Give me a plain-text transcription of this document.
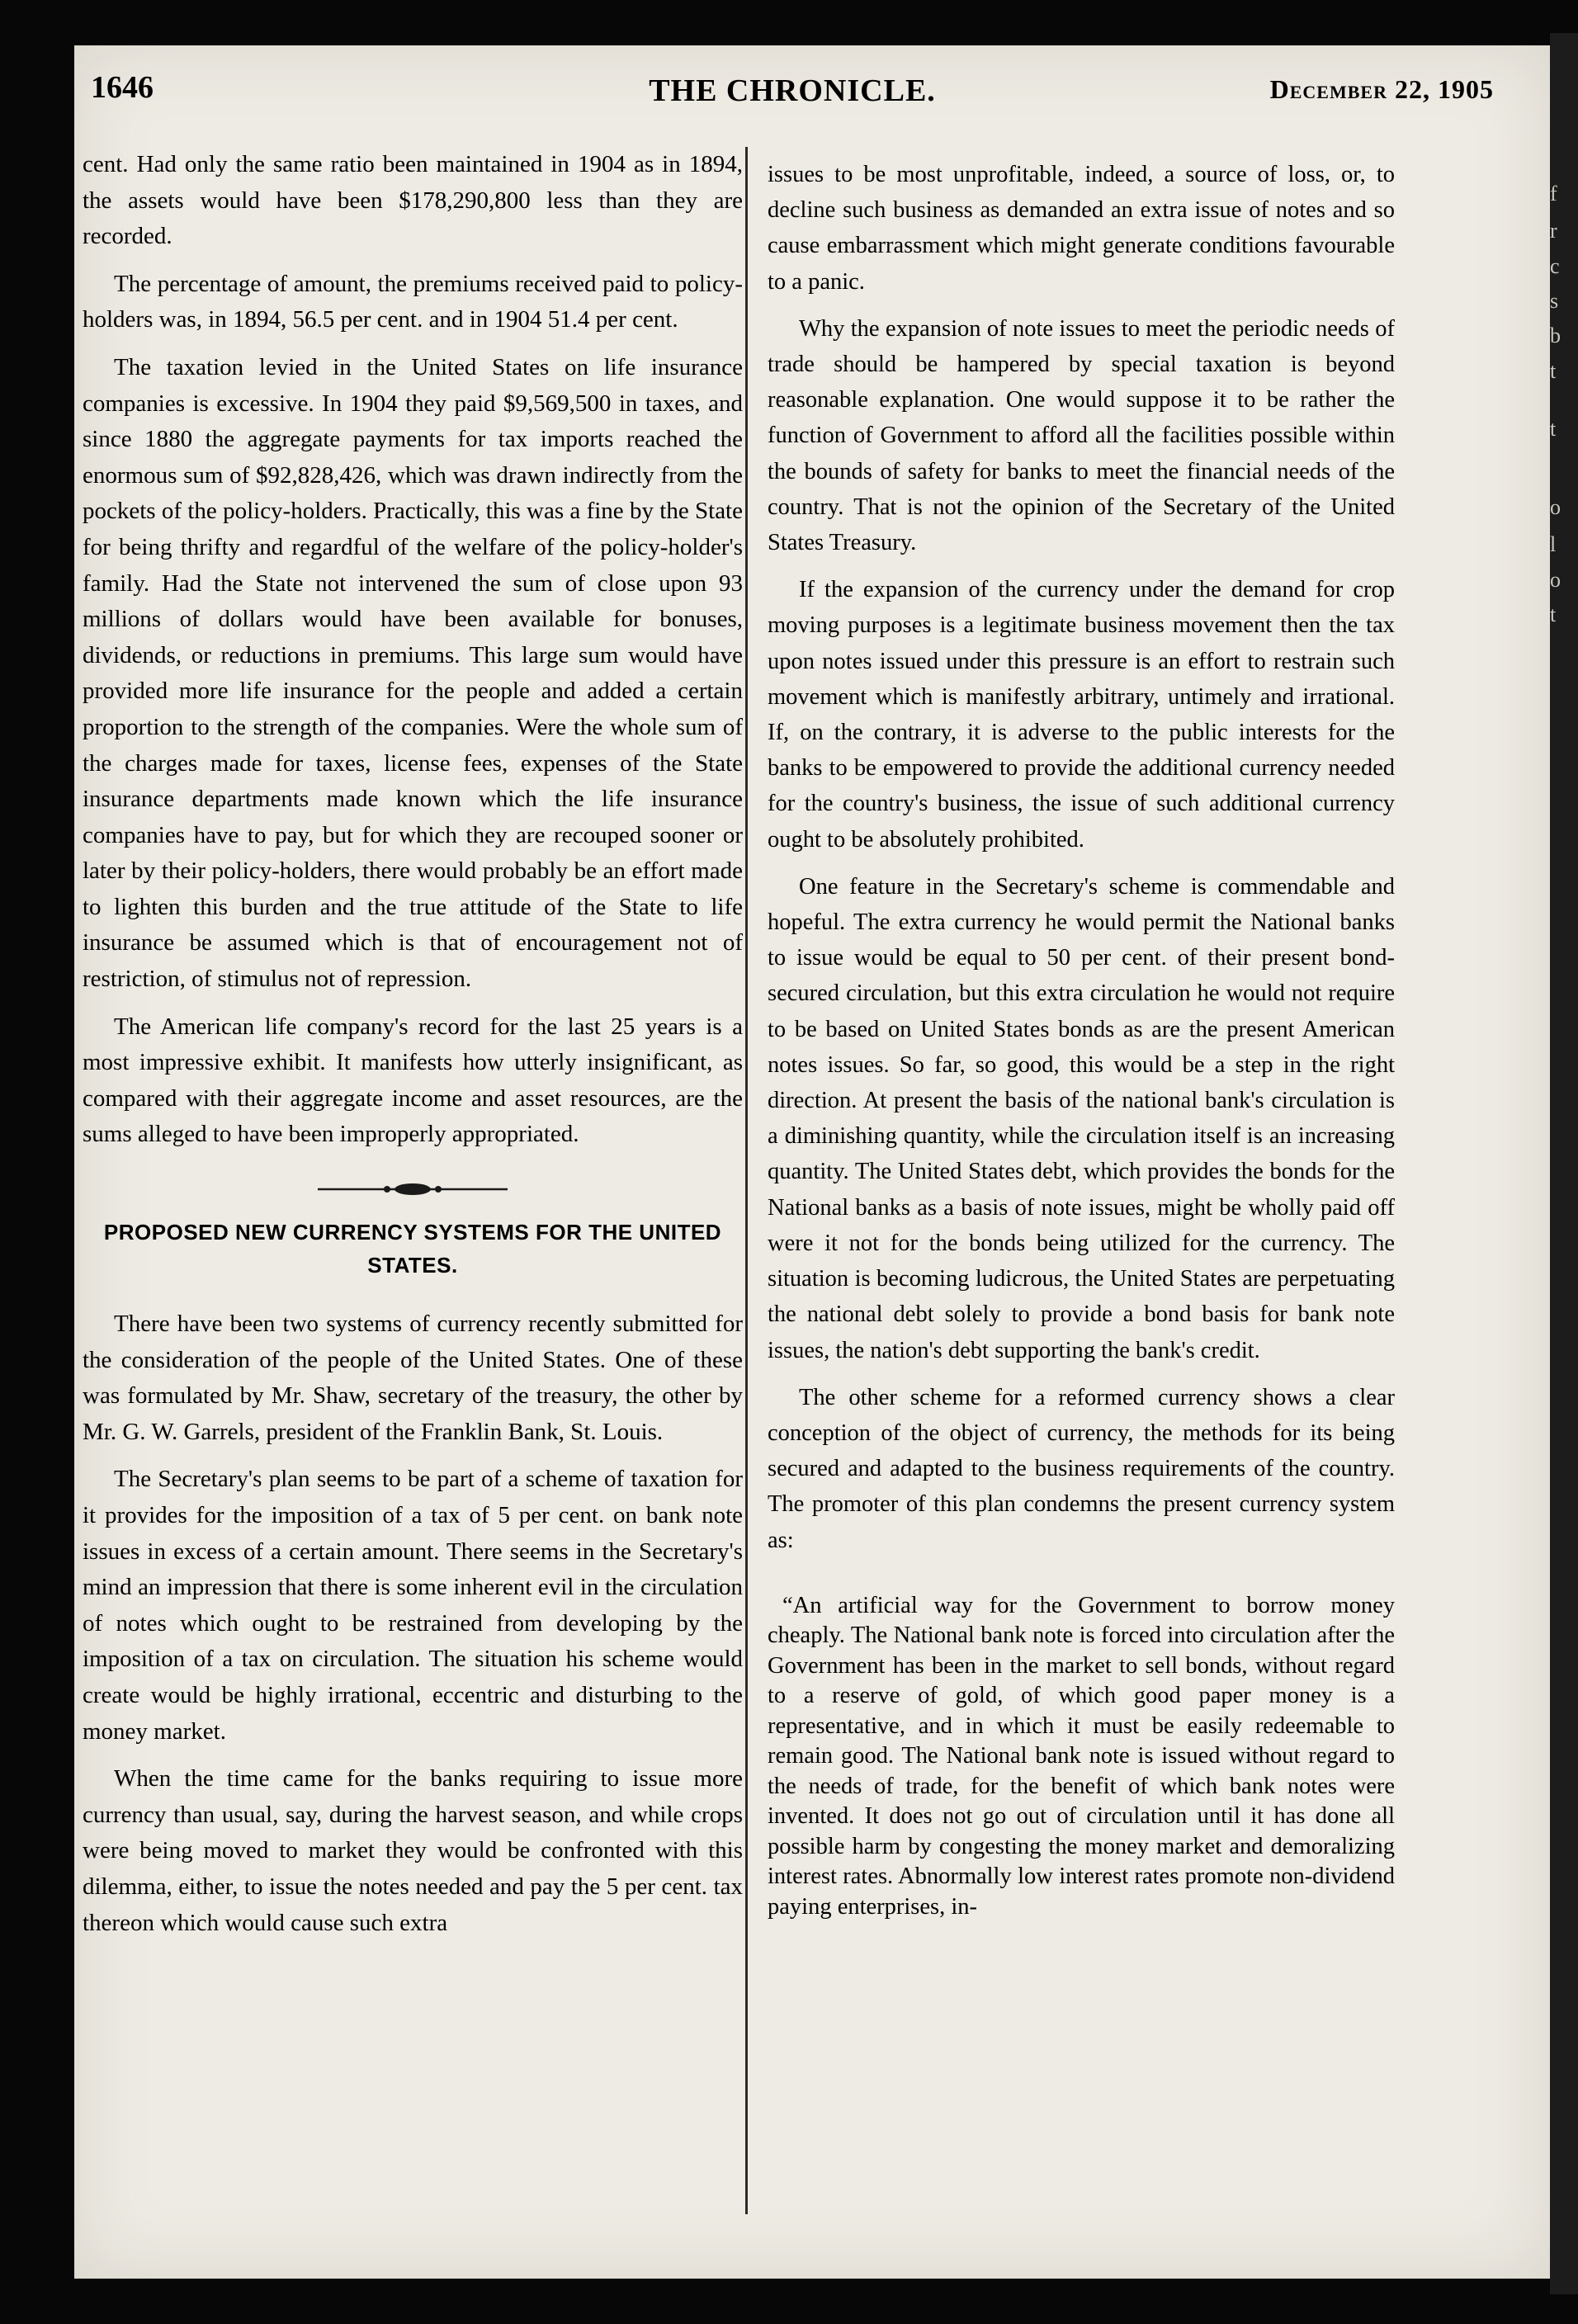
f
r
c
s
b
t
t
o
l
o
t
THE CHRONICLE.
1646	December 22, 1905

cent. Had only the same ratio been maintained in 1904 as in 1894, the assets would have been $178,290,800 less than they are recorded.

The percentage of amount, the premiums received paid to policy-holders was, in 1894, 56.5 per cent. and in 1904 51.4 per cent.

The taxation levied in the United States on life insurance companies is excessive. In 1904 they paid $9,569,500 in taxes, and since 1880 the aggregate payments for tax imports reached the enormous sum of $92,828,426, which was drawn indirectly from the pockets of the policy-holders. Practically, this was a fine by the State for being thrifty and regardful of the welfare of the policy-holder's family. Had the State not intervened the sum of close upon 93 millions of dollars would have been available for bonuses, dividends, or reductions in premiums. This large sum would have provided more life insurance for the people and added a certain proportion to the strength of the companies. Were the whole sum of the charges made for taxes, license fees, expenses of the State insurance departments made known which the life insurance companies have to pay, but for which they are recouped sooner or later by their policy-holders, there would probably be an effort made to lighten this burden and the true attitude of the State to life insurance be assumed which is that of encouragement not of restriction, of stimulus not of repression.

The American life company's record for the last 25 years is a most impressive exhibit. It manifests how utterly insignificant, as compared with their aggregate income and asset resources, are the sums alleged to have been improperly appropriated.

PROPOSED NEW CURRENCY SYSTEMS FOR THE UNITED STATES.

There have been two systems of currency recently submitted for the consideration of the people of the United States. One of these was formulated by Mr. Shaw, secretary of the treasury, the other by Mr. G. W. Garrels, president of the Franklin Bank, St. Louis.

The Secretary's plan seems to be part of a scheme of taxation for it provides for the imposition of a tax of 5 per cent. on bank note issues in excess of a certain amount. There seems in the Secretary's mind an impression that there is some inherent evil in the circulation of notes which ought to be restrained from developing by the imposition of a tax on circulation. The situation his scheme would create would be highly irrational, eccentric and disturbing to the money market.

When the time came for the banks requiring to issue more currency than usual, say, during the harvest season, and while crops were being moved to market they would be confronted with this dilemma, either, to issue the notes needed and pay the 5 per cent. tax thereon which would cause such extra

issues to be most unprofitable, indeed, a source of loss, or, to decline such business as demanded an extra issue of notes and so cause embarrassment which might generate conditions favourable to a panic.

Why the expansion of note issues to meet the periodic needs of trade should be hampered by special taxation is beyond reasonable explanation. One would suppose it to be rather the function of Government to afford all the facilities possible within the bounds of safety for banks to meet the financial needs of the country. That is not the opinion of the Secretary of the United States Treasury.

If the expansion of the currency under the demand for crop moving purposes is a legitimate business movement then the tax upon notes issued under this pressure is an effort to restrain such movement which is manifestly arbitrary, untimely and irrational. If, on the contrary, it is adverse to the public interests for the banks to be empowered to provide the additional currency needed for the country's business, the issue of such additional currency ought to be absolutely prohibited.

One feature in the Secretary's scheme is commendable and hopeful. The extra currency he would permit the National banks to issue would be equal to 50 per cent. of their present bond-secured circulation, but this extra circulation he would not require to be based on United States bonds as are the present American notes issues. So far, so good, this would be a step in the right direction. At present the basis of the national bank's circulation is a diminishing quantity, while the circulation itself is an increasing quantity. The United States debt, which provides the bonds for the National banks as a basis of note issues, might be wholly paid off were it not for the bonds being utilized for the currency. The situation is becoming ludicrous, the United States are perpetuating the national debt solely to provide a bond basis for bank note issues, the nation's debt supporting the bank's credit.

The other scheme for a reformed currency shows a clear conception of the object of currency, the methods for its being secured and adapted to the business requirements of the country. The promoter of this plan condemns the present currency system as:

“An artificial way for the Government to borrow money cheaply. The National bank note is forced into circulation after the Government has been in the market to sell bonds, without regard to a reserve of gold, of which good paper money is a representative, and in which it must be easily redeemable to remain good. The National bank note is issued without regard to the needs of trade, for the benefit of which bank notes were invented. It does not go out of circulation until it has done all possible harm by congesting the money market and demoralizing interest rates. Abnormally low interest rates promote non-dividend paying enterprises, in-
